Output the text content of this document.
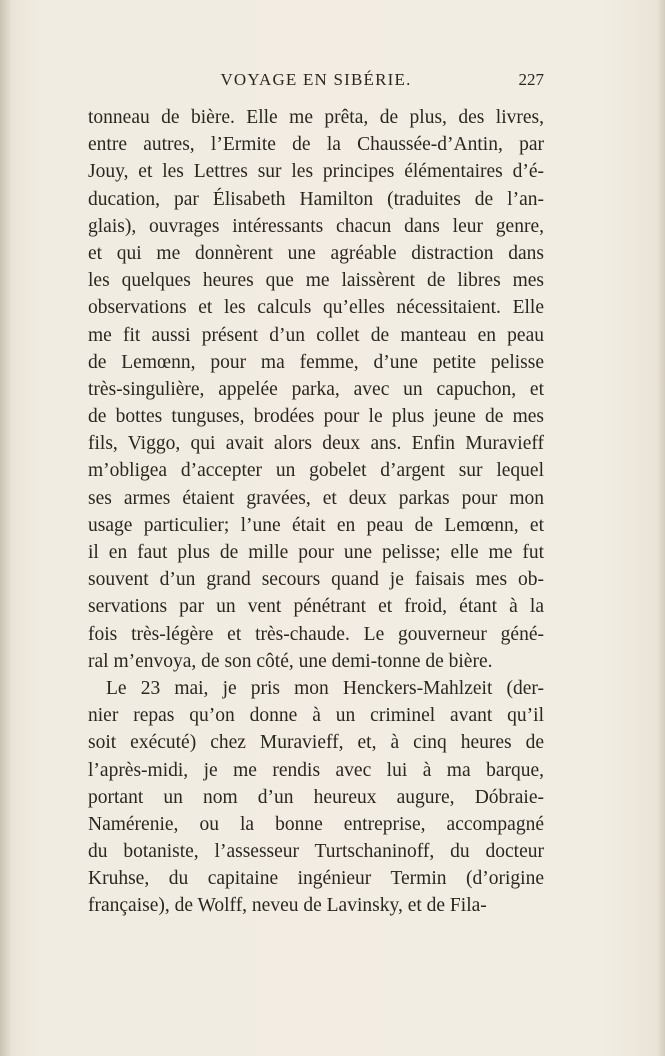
VOYAGE EN SIBÉRIE.	227
tonneau de bière. Elle me prêta, de plus, des livres,
entre autres, l’Ermite de la Chaussée-d’Antin, par
Jouy, et les Lettres sur les principes élémentaires d’é-
ducation, par Élisabeth Hamilton (traduites de l’an-
glais), ouvrages intéressants chacun dans leur genre,
et qui me donnèrent une agréable distraction dans
les quelques heures que me laissèrent de libres mes
observations et les calculs qu’elles nécessitaient. Elle
me fit aussi présent d’un collet de manteau en peau
de Lemœnn, pour ma femme, d’une petite pelisse
très-singulière, appelée parka, avec un capuchon, et
de bottes tunguses, brodées pour le plus jeune de mes
fils, Viggo, qui avait alors deux ans. Enfin Muravieff
m’obligea d’accepter un gobelet d’argent sur lequel
ses armes étaient gravées, et deux parkas pour mon
usage particulier; l’une était en peau de Lemœnn, et
il en faut plus de mille pour une pelisse; elle me fut
souvent d’un grand secours quand je faisais mes ob-
servations par un vent pénétrant et froid, étant à la
fois très-légère et très-chaude. Le gouverneur géné-
ral m’envoya, de son côté, une demi-tonne de bière.
Le 23 mai, je pris mon Henckers-Mahlzeit (der-
nier repas qu’on donne à un criminel avant qu’il
soit exécuté) chez Muravieff, et, à cinq heures de
l’après-midi, je me rendis avec lui à ma barque,
portant un nom d’un heureux augure, Dóbraie-
Namérenie, ou la bonne entreprise, accompagné
du botaniste, l’assesseur Turtschaninoff, du docteur
Kruhse, du capitaine ingénieur Termin (d’origine
française), de Wolff, neveu de Lavinsky, et de Fila-
